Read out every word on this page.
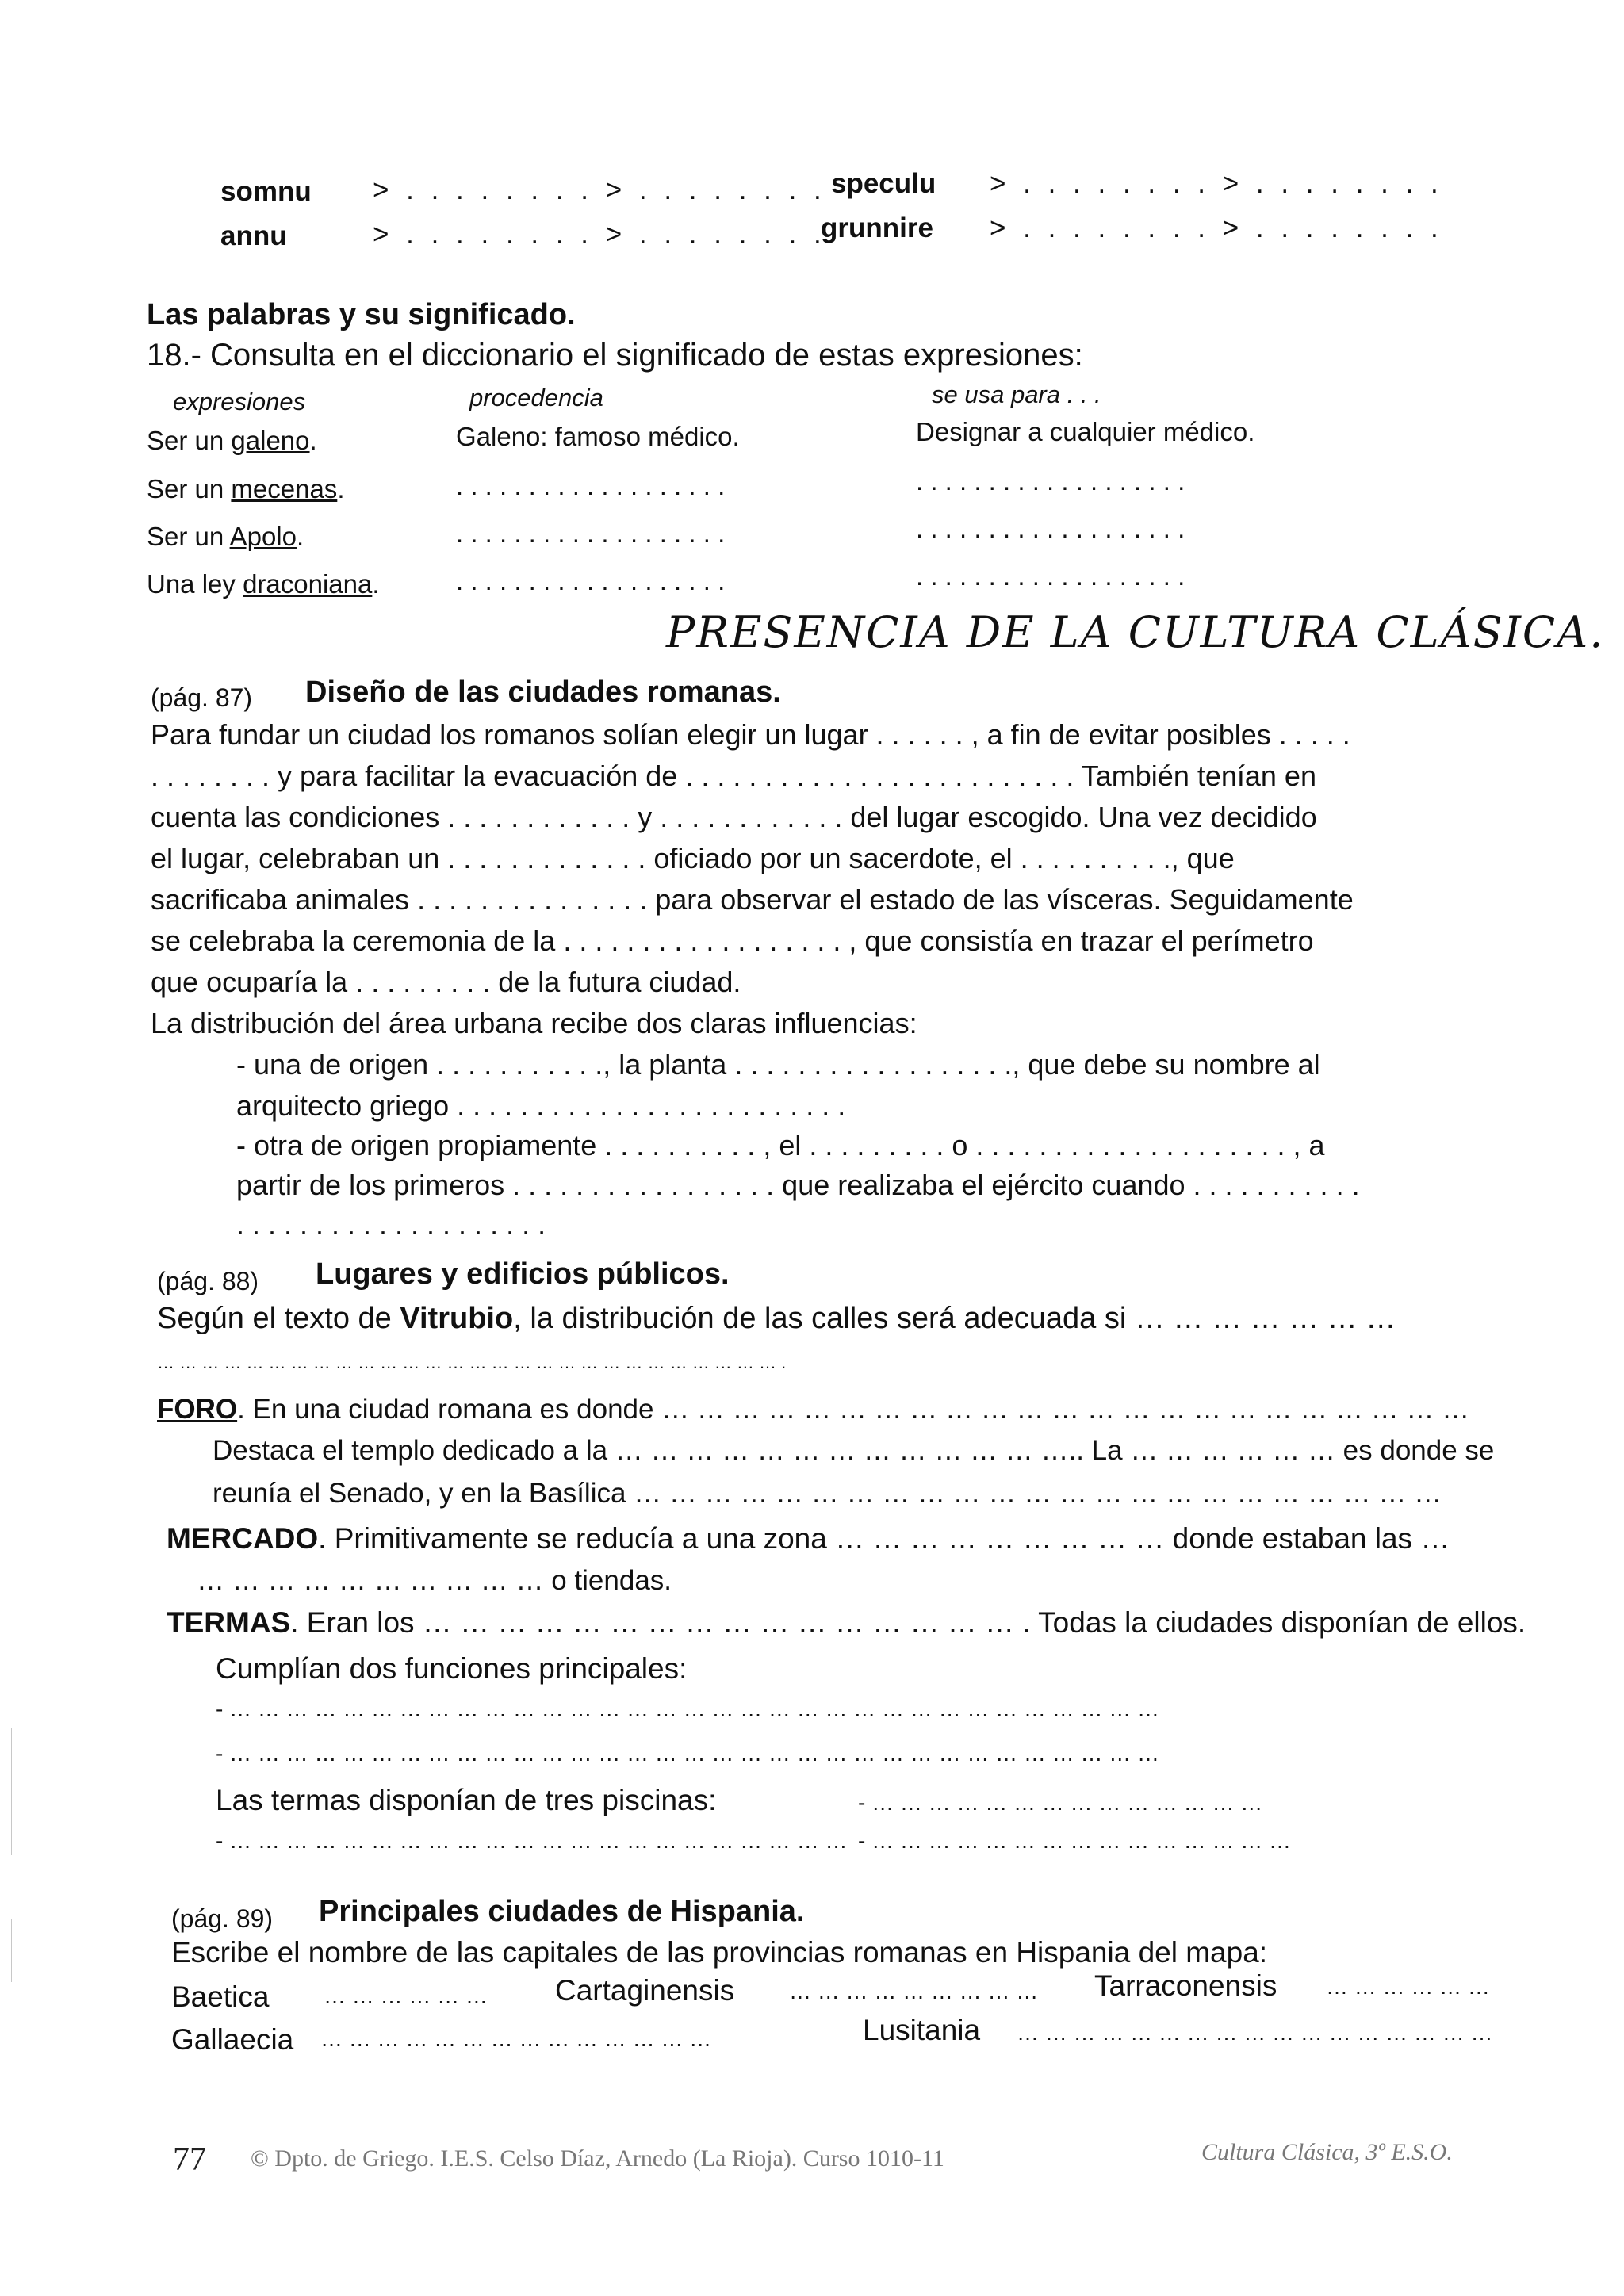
somnu > . . . . . . . . > . . . . . . . .
annu	> . . . . . . . . > . . . . . . . .
speculu > . . . . . . . . > . . . . . . . .
grunnire > . . . . . . . . > . . . . . . . .
Las palabras y su significado.
18.- Consulta en el diccionario el significado de estas expresiones:
expresiones	procedencia	se usa para . . .
Ser un galeno.	Galeno: famoso médico.	Designar a cualquier médico.
Ser un mecenas.	. . . . . . . . . . . . . . . . . . .	. . . . . . . . . . . . . . . . . . .
Ser un Apolo.	. . . . . . . . . . . . . . . . . . .	. . . . . . . . . . . . . . . . . . .
Una ley draconiana.	. . . . . . . . . . . . . . . . . . .	. . . . . . . . . . . . . . . . . . .
PRESENCIA DE LA CULTURA CLÁSICA.
(pág. 87) Diseño de las ciudades romanas.
Para fundar un ciudad los romanos solían elegir un lugar . . . . . . , a fin de evitar posibles . . . . .
. . . . . . . . y para facilitar la evacuación de . . . . . . . . . . . . . . . . . . . . . . . . . También tenían en
cuenta las condiciones . . . . . . . . . . . . y . . . . . . . . . . . . del lugar escogido. Una vez decidido
el lugar, celebraban un . . . . . . . . . . . . . oficiado por un sacerdote, el . . . . . . . . . ., que
sacrificaba animales . . . . . . . . . . . . . . . para observar el estado de las vísceras. Seguidamente
se celebraba la ceremonia de la . . . . . . . . . . . . . . . . . . , que consistía en trazar el perímetro
que ocuparía la . . . . . . . . . de la futura ciudad.
La distribución del área urbana recibe dos claras influencias:
- una de origen . . . . . . . . . . ., la planta . . . . . . . . . . . . . . . . . ., que debe su nombre al
arquitecto griego . . . . . . . . . . . . . . . . . . . . . . . . .
- otra de origen propiamente . . . . . . . . . . , el . . . . . . . . . o . . . . . . . . . . . . . . . . . . . . , a
partir de los primeros . . . . . . . . . . . . . . . . . que realizaba el ejército cuando . . . . . . . . . . .
. . . . . . . . . . . . . . . . . . . .
(pág. 88) Lugares y edificios públicos.
Según el texto de Vitrubio, la distribución de las calles será adecuada si … … … … … … …
… … … … … … … … … … … … … … … … … … … … … … … … … … … … .
FORO. En una ciudad romana es donde … … … … … … … … … … … … … … … … … … … … … … …
Destaca el templo dedicado a la … … … … … … … … … … … … ….. La … … … … … … es donde se
reunía el Senado, y en la Basílica … … … … … … … … … … … … … … … … … … … … … … …
MERCADO. Primitivamente se reducía a una zona … … … … … … … … … donde estaban las …
… … … … … … … … … … o tiendas.
TERMAS. Eran los … … … … … … … … … … … … … … … … . Todas la ciudades disponían de ellos.
Cumplían dos funciones principales:
- … … … … … … … … … … … … … … … … … … … … … … … … … … … … … … … … …
- … … … … … … … … … … … … … … … … … … … … … … … … … … … … … … … … …
Las termas disponían de tres piscinas:	- … … … … … … … … … … … … … …
- … … … … … … … … … … … … … … … … … … … … … … - … … … … … … … … … … … … … … …
(pág. 89) Principales ciudades de Hispania.
Escribe el nombre de las capitales de las provincias romanas en Hispania del mapa:
Baetica … … … … … … Cartaginensis … … … … … … … … … Tarraconensis … … … … … …
Gallaecia … … … … … … … … … … … … … …	Lusitania … … … … … … … … … … … … … … … … …
77 © Dpto. de Griego. I.E.S. Celso Díaz, Arnedo (La Rioja). Curso 1010-11	Cultura Clásica, 3º E.S.O.
